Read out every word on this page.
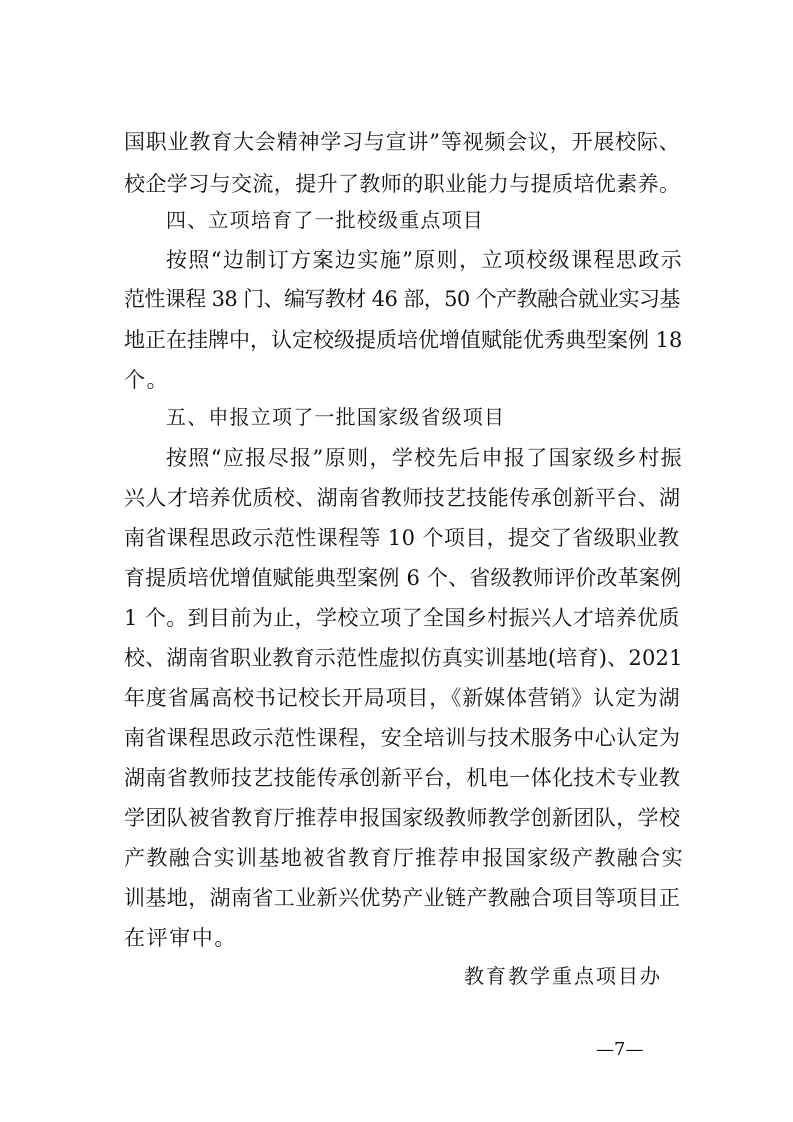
国职业教育大会精神学习与宣讲”等视频会议，开展校际、
校企学习与交流，提升了教师的职业能力与提质培优素养。
四、立项培育了一批校级重点项目
按照“边制订方案边实施”原则，立项校级课程思政示
范性课程 38 门、编写教材 46 部，50 个产教融合就业实习基
地正在挂牌中，认定校级提质培优增值赋能优秀典型案例 18
个。
五、申报立项了一批国家级省级项目
按照“应报尽报”原则，学校先后申报了国家级乡村振
兴人才培养优质校、湖南省教师技艺技能传承创新平台、湖
南省课程思政示范性课程等 10 个项目，提交了省级职业教
育提质培优增值赋能典型案例 6 个、省级教师评价改革案例
1 个。到目前为止，学校立项了全国乡村振兴人才培养优质
校、湖南省职业教育示范性虚拟仿真实训基地(培育)、2021
年度省属高校书记校长开局项目，《新媒体营销》认定为湖
南省课程思政示范性课程，安全培训与技术服务中心认定为
湖南省教师技艺技能传承创新平台，机电一体化技术专业教
学团队被省教育厅推荐申报国家级教师教学创新团队，学校
产教融合实训基地被省教育厅推荐申报国家级产教融合实
训基地，湖南省工业新兴优势产业链产教融合项目等项目正
在评审中。
教育教学重点项目办
—7—
